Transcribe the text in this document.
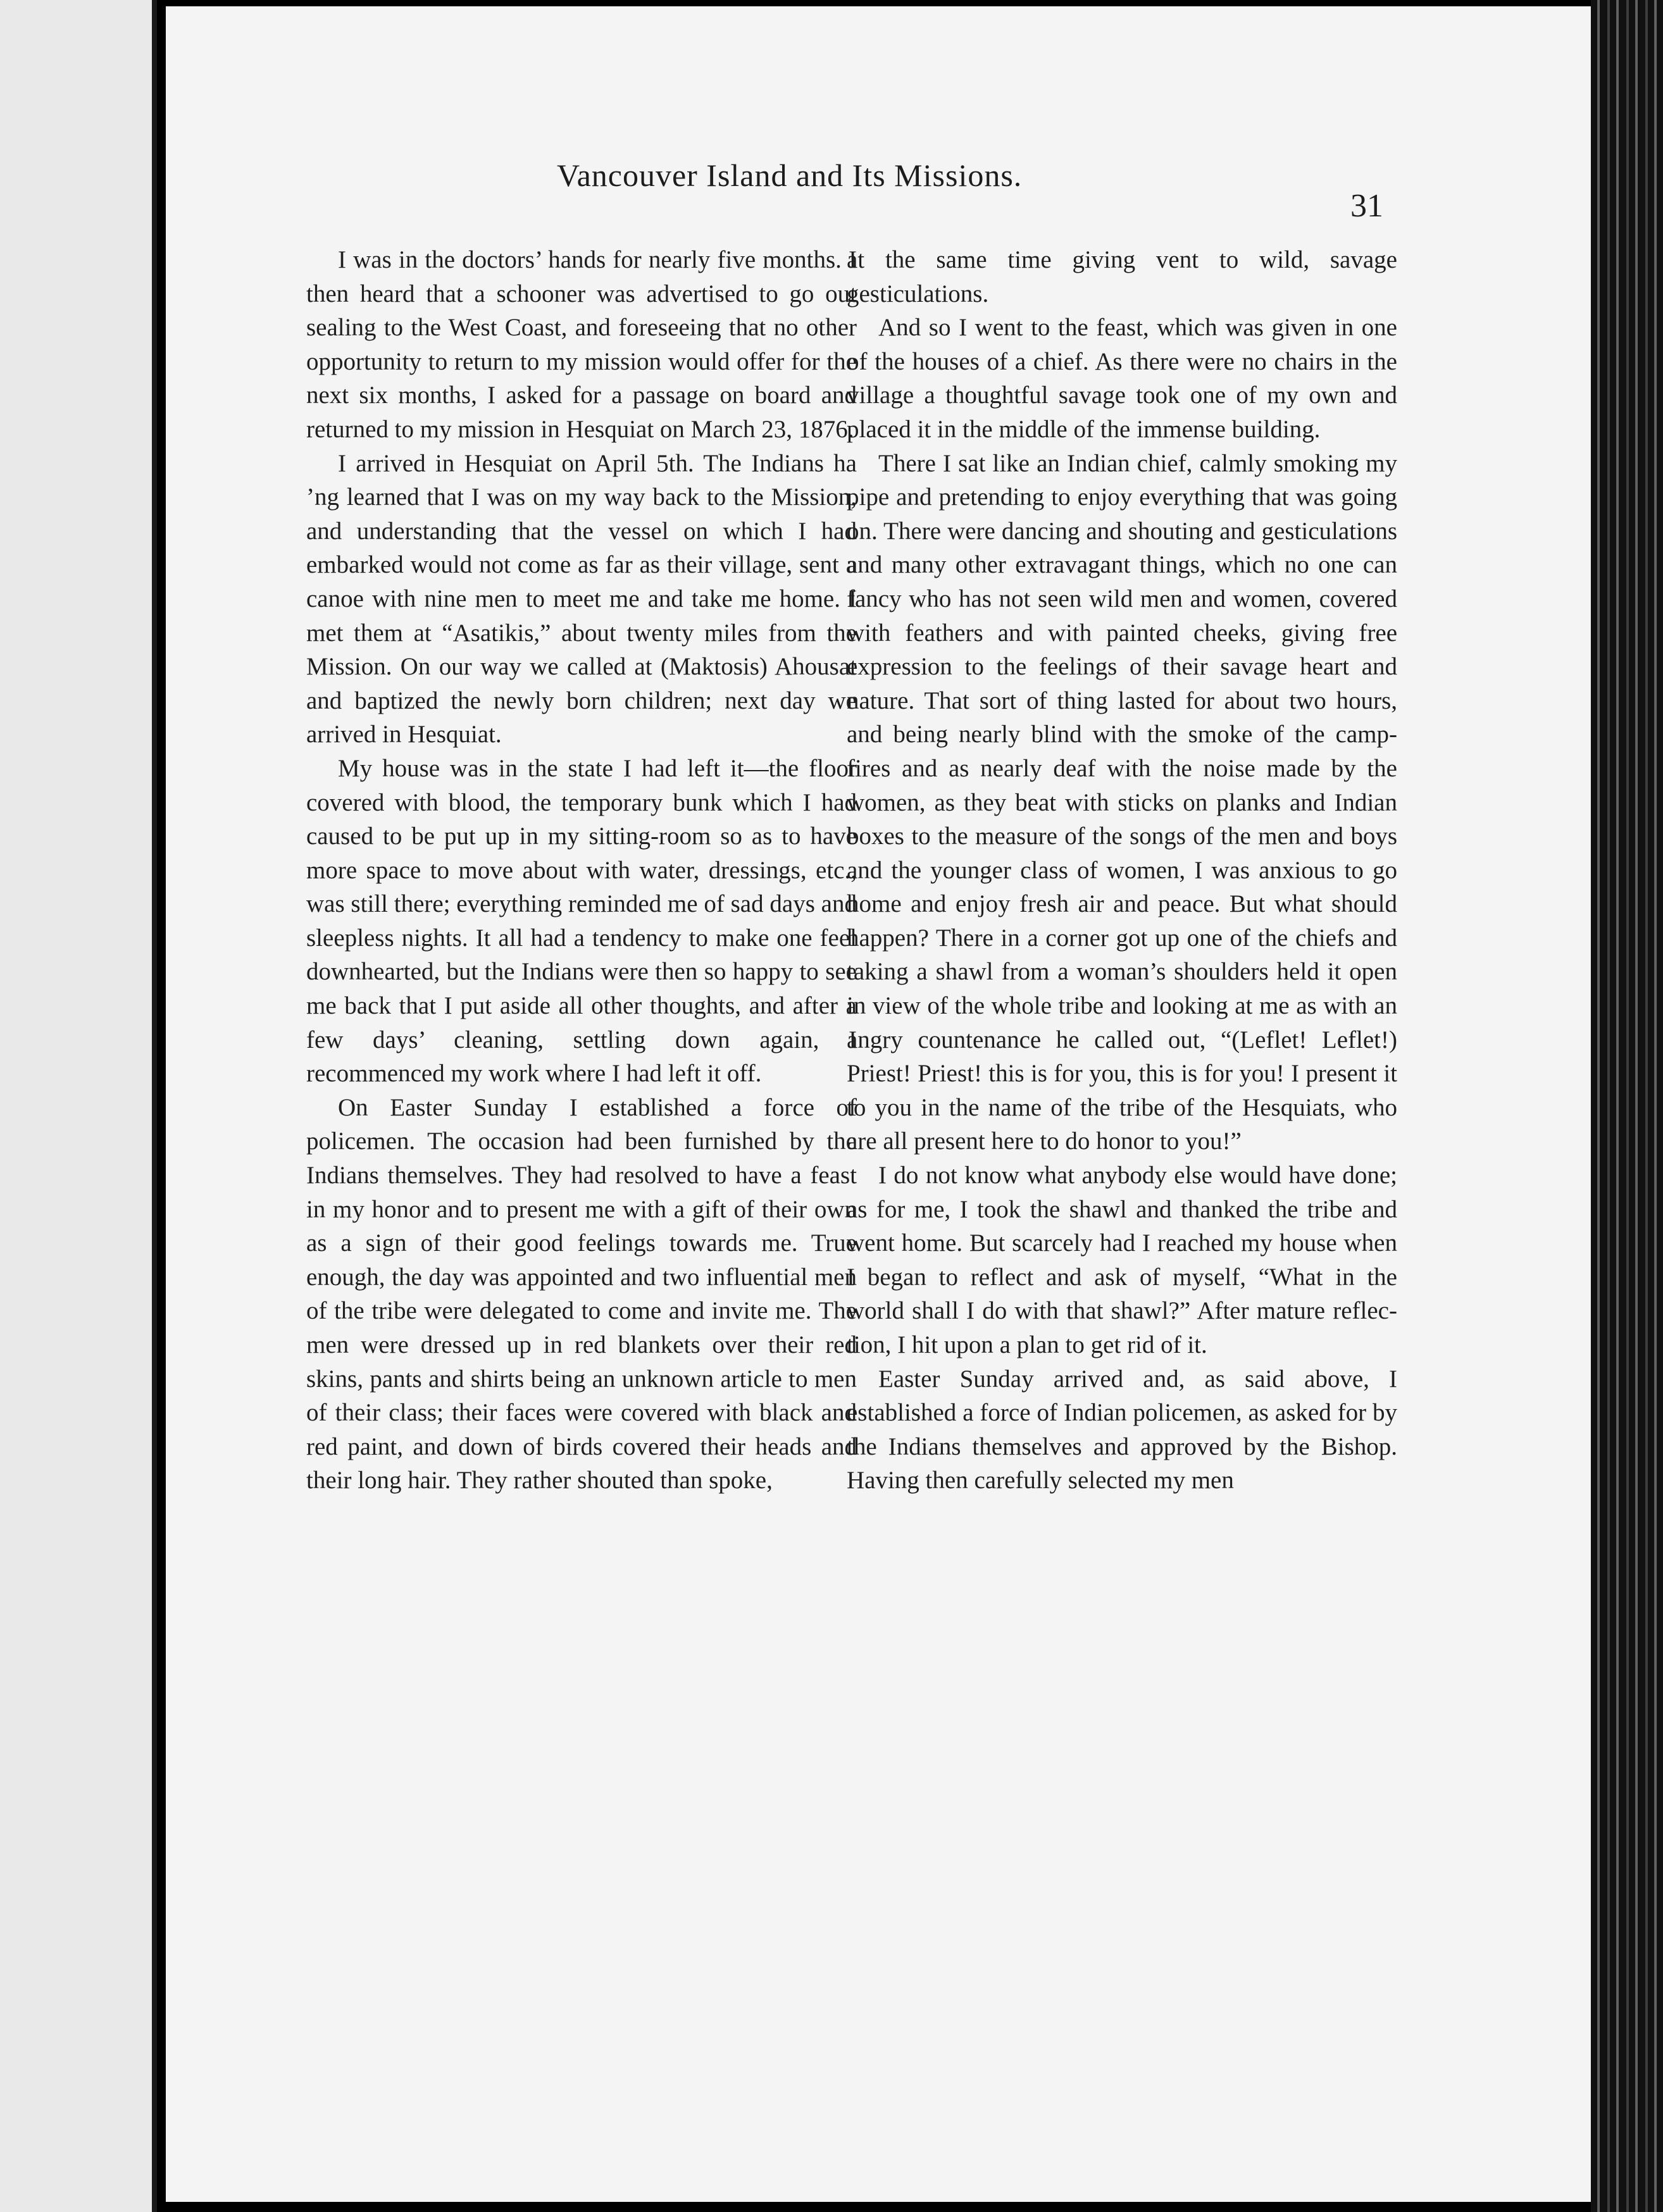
Vancouver Island and Its Missions.
31

I was in the doctors’ hands for nearly five months. I then heard that a schooner was advertised to go out sealing to the West Coast, and foreseeing that no other opportunity to return to my mission would offer for the next six months, I asked for a passage on board and returned to my mission in Hesquiat on March 23, 1876.

I arrived in Hesquiat on April 5th. The Indians ha ’ng learned that I was on my way back to the Mission, and understanding that the vessel on which I had embarked would not come as far as their village, sent a canoe with nine men to meet me and take me home. I met them at “Asatikis,” about twenty miles from the Mission. On our way we called at (Maktosis) Ahousat and baptized the newly born children; next day we arrived in Hesquiat.

My house was in the state I had left it—the floor covered with blood, the temporary bunk which I had caused to be put up in my sitting-room so as to have more space to move about with water, dressings, etc., was still there; everything reminded me of sad days and sleepless nights. It all had a tendency to make one feel downhearted, but the Indians were then so happy to see me back that I put aside all other thoughts, and after a few days’ cleaning, settling down again, I recommenced my work where I had left it off.

On Easter Sunday I established a force of policemen. The occasion had been furnished by the Indians themselves. They had resolved to have a feast in my honor and to present me with a gift of their own as a sign of their good feelings towards me. True enough, the day was appointed and two influential men of the tribe were delegated to come and invite me. The men were dressed up in red blankets over their red skins, pants and shirts being an unknown article to men of their class; their faces were covered with black and red paint, and down of birds covered their heads and their long hair. They rather shouted than spoke,

at the same time giving vent to wild, savage gesticulations.

And so I went to the feast, which was given in one of the houses of a chief. As there were no chairs in the village a thoughtful savage took one of my own and placed it in the middle of the immense building.

There I sat like an Indian chief, calmly smoking my pipe and pretending to enjoy everything that was going on. There were dancing and shouting and gesticulations and many other extravagant things, which no one can fancy who has not seen wild men and women, covered with feathers and with painted cheeks, giving free expression to the feelings of their savage heart and nature. That sort of thing lasted for about two hours, and being nearly blind with the smoke of the camp-fires and as nearly deaf with the noise made by the women, as they beat with sticks on planks and Indian boxes to the measure of the songs of the men and boys and the younger class of women, I was anxious to go home and enjoy fresh air and peace. But what should happen? There in a corner got up one of the chiefs and taking a shawl from a woman’s shoulders held it open in view of the whole tribe and looking at me as with an angry countenance he called out, “(Leflet! Leflet!) Priest! Priest! this is for you, this is for you! I present it to you in the name of the tribe of the Hesquiats, who are all present here to do honor to you!”

I do not know what anybody else would have done; as for me, I took the shawl and thanked the tribe and went home. But scarcely had I reached my house when I began to reflect and ask of myself, “What in the world shall I do with that shawl?” After mature reflection, I hit upon a plan to get rid of it.

Easter Sunday arrived and, as said above, I established a force of Indian policemen, as asked for by the Indians themselves and approved by the Bishop. Having then carefully selected my men
